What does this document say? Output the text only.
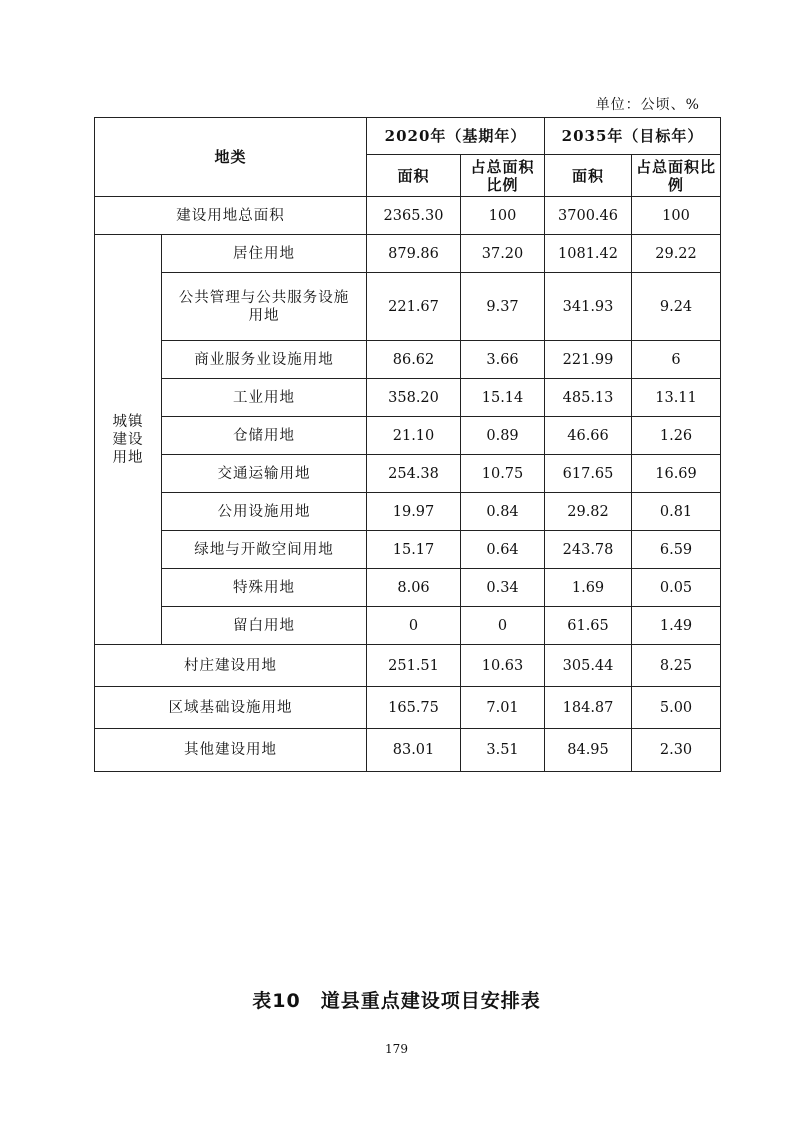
单位：公顷、%
地类		2020年（基期年）		2035年（目标年）	
		面积	占总面积比例	面积	占总面积比例
建设用地总面积		2365.30	100	3700.46	100
城镇建设用地	居住用地	879.86	37.20	1081.42	29.22
	公共管理与公共服务设施用地	221.67	9.37	341.93	9.24
	商业服务业设施用地	86.62	3.66	221.99	6
	工业用地	358.20	15.14	485.13	13.11
	仓储用地	21.10	0.89	46.66	1.26
	交通运输用地	254.38	10.75	617.65	16.69
	公用设施用地	19.97	0.84	29.82	0.81
	绿地与开敞空间用地	15.17	0.64	243.78	6.59
	特殊用地	8.06	0.34	1.69	0.05
	留白用地	0	0	61.65	1.49
村庄建设用地		251.51	10.63	305.44	8.25
区域基础设施用地		165.75	7.01	184.87	5.00
其他建设用地		83.01	3.51	84.95	2.30
表10　道县重点建设项目安排表
179
